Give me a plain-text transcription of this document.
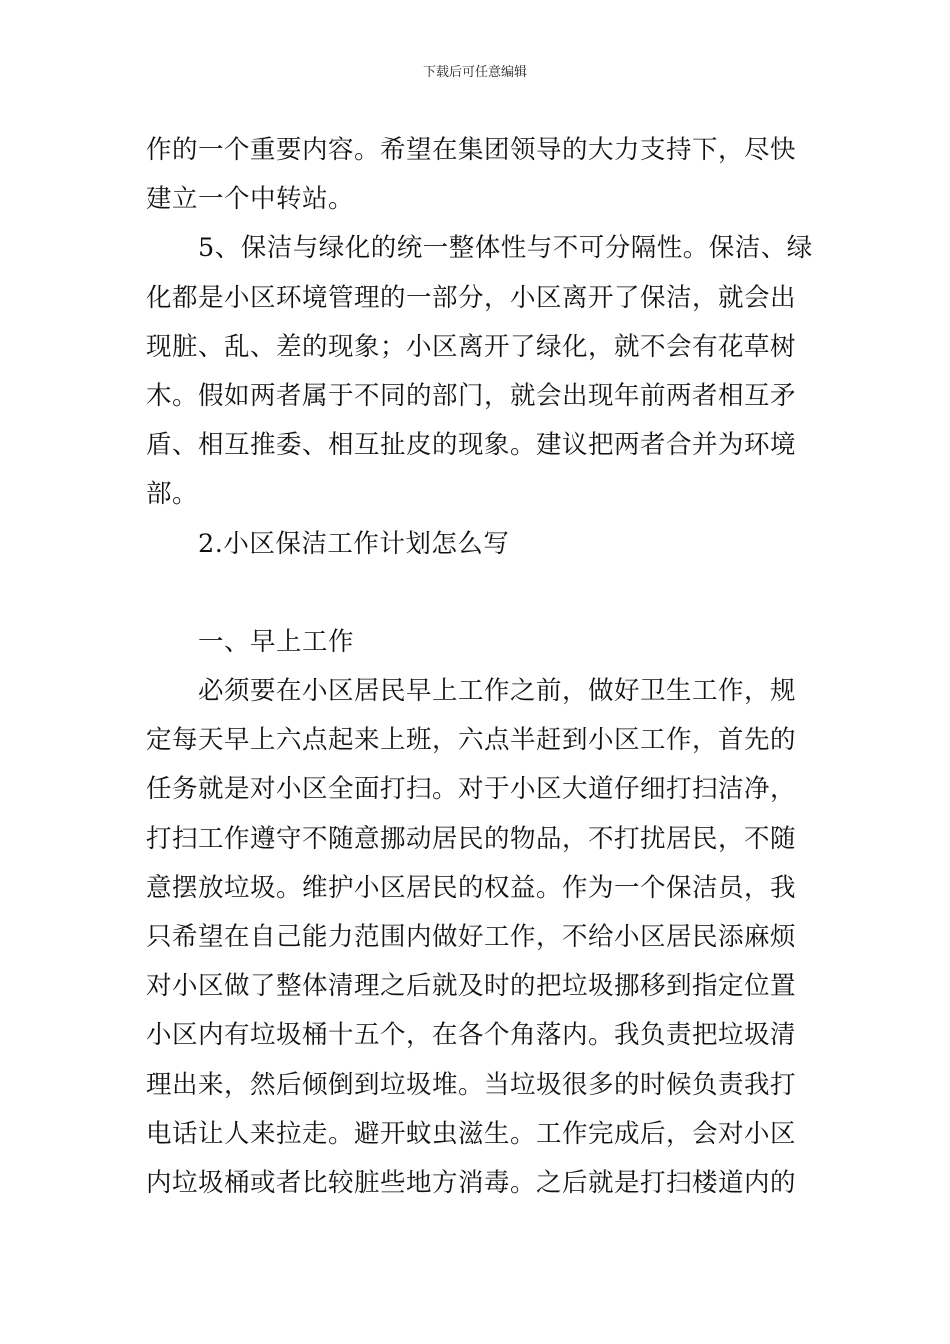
下载后可任意编辑
作的一个重要内容。希望在集团领导的大力支持下，尽快
建立一个中转站。
5、保洁与绿化的统一整体性与不可分隔性。保洁、绿
化都是小区环境管理的一部分，小区离开了保洁，就会出
现脏、乱、差的现象；小区离开了绿化，就不会有花草树
木。假如两者属于不同的部门，就会出现年前两者相互矛
盾、相互推委、相互扯皮的现象。建议把两者合并为环境
部。
2.小区保洁工作计划怎么写
一、早上工作
必须要在小区居民早上工作之前，做好卫生工作，规
定每天早上六点起来上班，六点半赶到小区工作，首先的
任务就是对小区全面打扫。对于小区大道仔细打扫洁净，
打扫工作遵守不随意挪动居民的物品，不打扰居民，不随
意摆放垃圾。维护小区居民的权益。作为一个保洁员，我
只希望在自己能力范围内做好工作，不给小区居民添麻烦
对小区做了整体清理之后就及时的把垃圾挪移到指定位置
小区内有垃圾桶十五个，在各个角落内。我负责把垃圾清
理出来，然后倾倒到垃圾堆。当垃圾很多的时候负责我打
电话让人来拉走。避开蚊虫滋生。工作完成后，会对小区
内垃圾桶或者比较脏些地方消毒。之后就是打扫楼道内的
